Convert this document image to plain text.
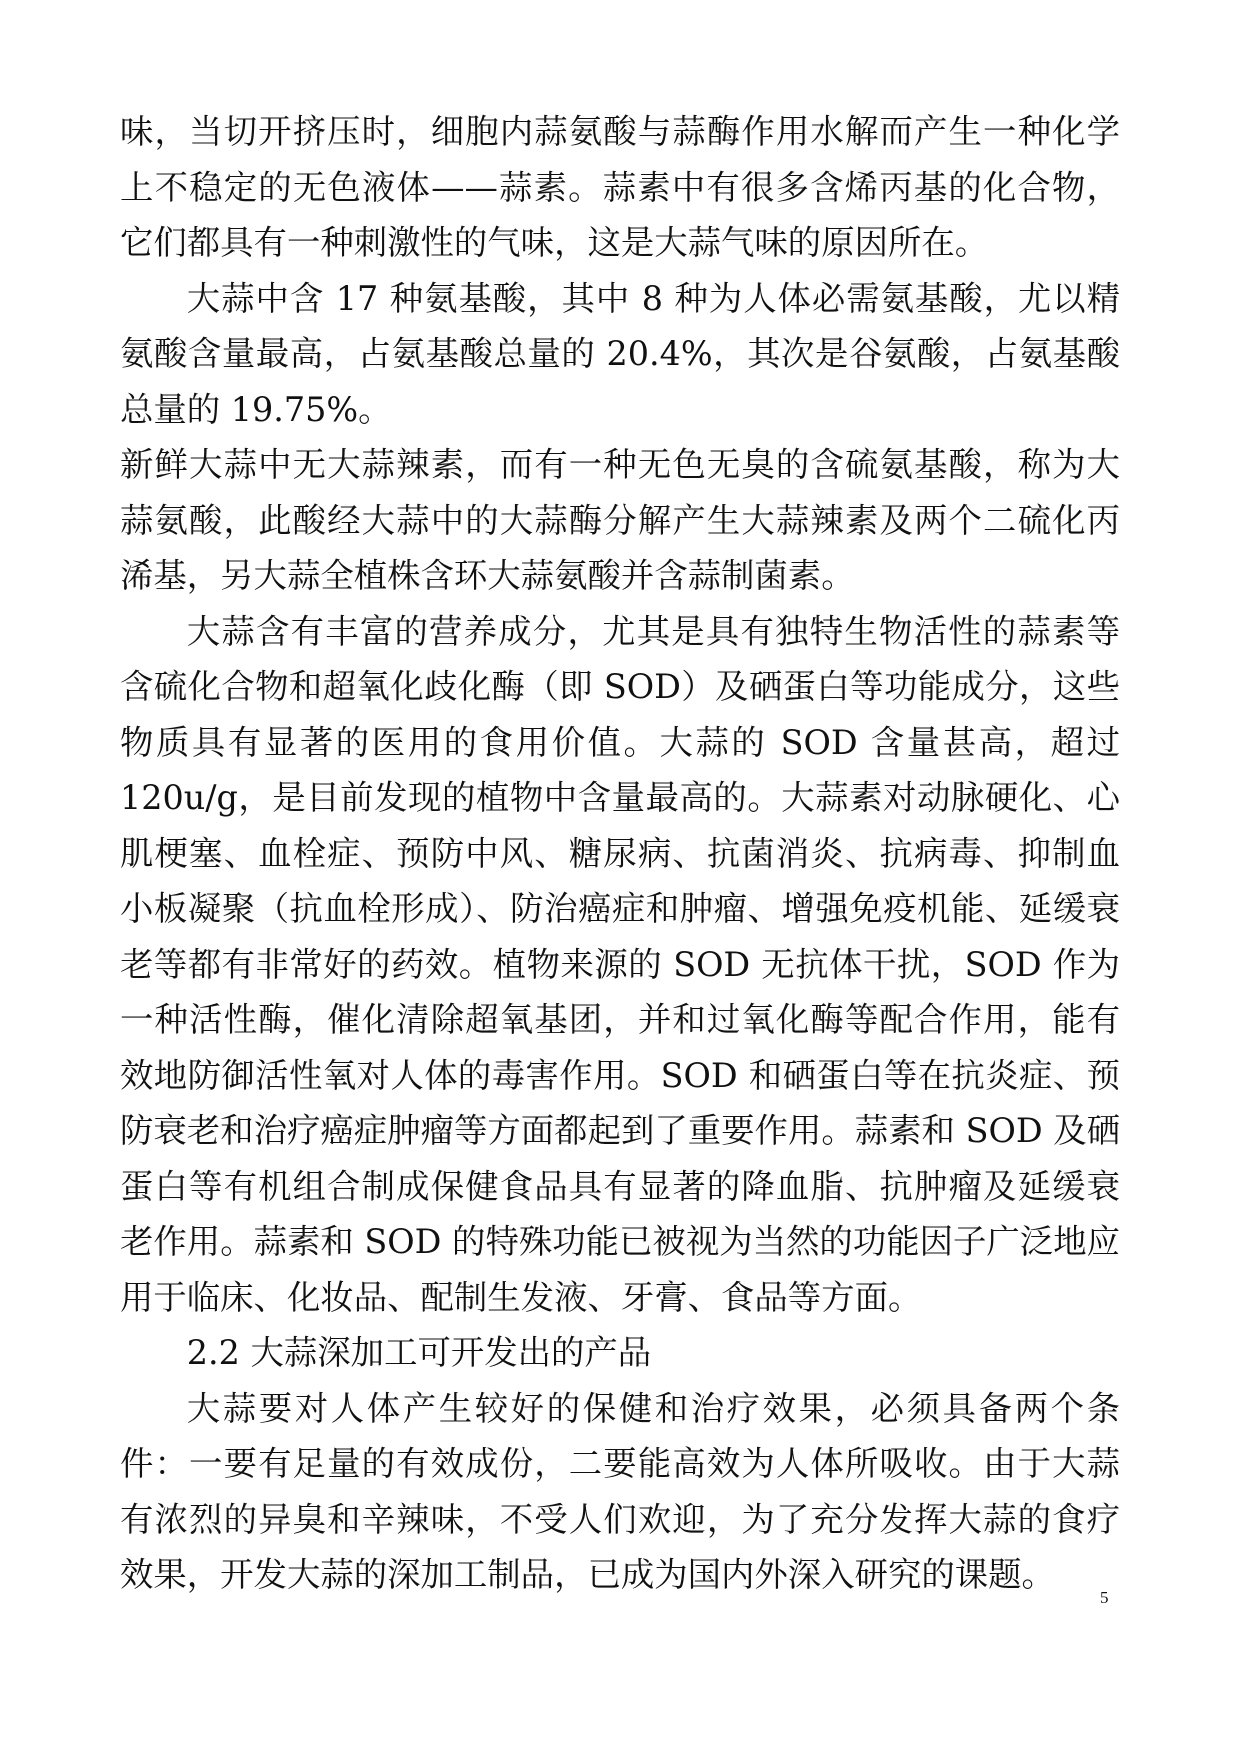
味，当切开挤压时，细胞内蒜氨酸与蒜酶作用水解而产生一种化学上不稳定的无色液体——蒜素。蒜素中有很多含烯丙基的化合物，它们都具有一种刺激性的气味，这是大蒜气味的原因所在。

大蒜中含 17 种氨基酸，其中 8 种为人体必需氨基酸，尤以精氨酸含量最高，占氨基酸总量的 20.4%，其次是谷氨酸，占氨基酸总量的 19.75%。

新鲜大蒜中无大蒜辣素，而有一种无色无臭的含硫氨基酸，称为大蒜氨酸，此酸经大蒜中的大蒜酶分解产生大蒜辣素及两个二硫化丙浠基，另大蒜全植株含环大蒜氨酸并含蒜制菌素。

大蒜含有丰富的营养成分，尤其是具有独特生物活性的蒜素等含硫化合物和超氧化歧化酶（即 SOD）及硒蛋白等功能成分，这些物质具有显著的医用的食用价值。大蒜的 SOD 含量甚高，超过 120u/g，是目前发现的植物中含量最高的。大蒜素对动脉硬化、心肌梗塞、血栓症、预防中风、糖尿病、抗菌消炎、抗病毒、抑制血小板凝聚（抗血栓形成）、防治癌症和肿瘤、增强免疫机能、延缓衰老等都有非常好的药效。植物来源的 SOD 无抗体干扰，SOD 作为一种活性酶，催化清除超氧基团，并和过氧化酶等配合作用，能有效地防御活性氧对人体的毒害作用。SOD 和硒蛋白等在抗炎症、预防衰老和治疗癌症肿瘤等方面都起到了重要作用。蒜素和 SOD 及硒蛋白等有机组合制成保健食品具有显著的降血脂、抗肿瘤及延缓衰老作用。蒜素和 SOD 的特殊功能已被视为当然的功能因子广泛地应用于临床、化妆品、配制生发液、牙膏、食品等方面。

2.2 大蒜深加工可开发出的产品

大蒜要对人体产生较好的保健和治疗效果，必须具备两个条件：一要有足量的有效成份，二要能高效为人体所吸收。由于大蒜有浓烈的异臭和辛辣味，不受人们欢迎，为了充分发挥大蒜的食疗效果，开发大蒜的深加工制品，已成为国内外深入研究的课题。

5
